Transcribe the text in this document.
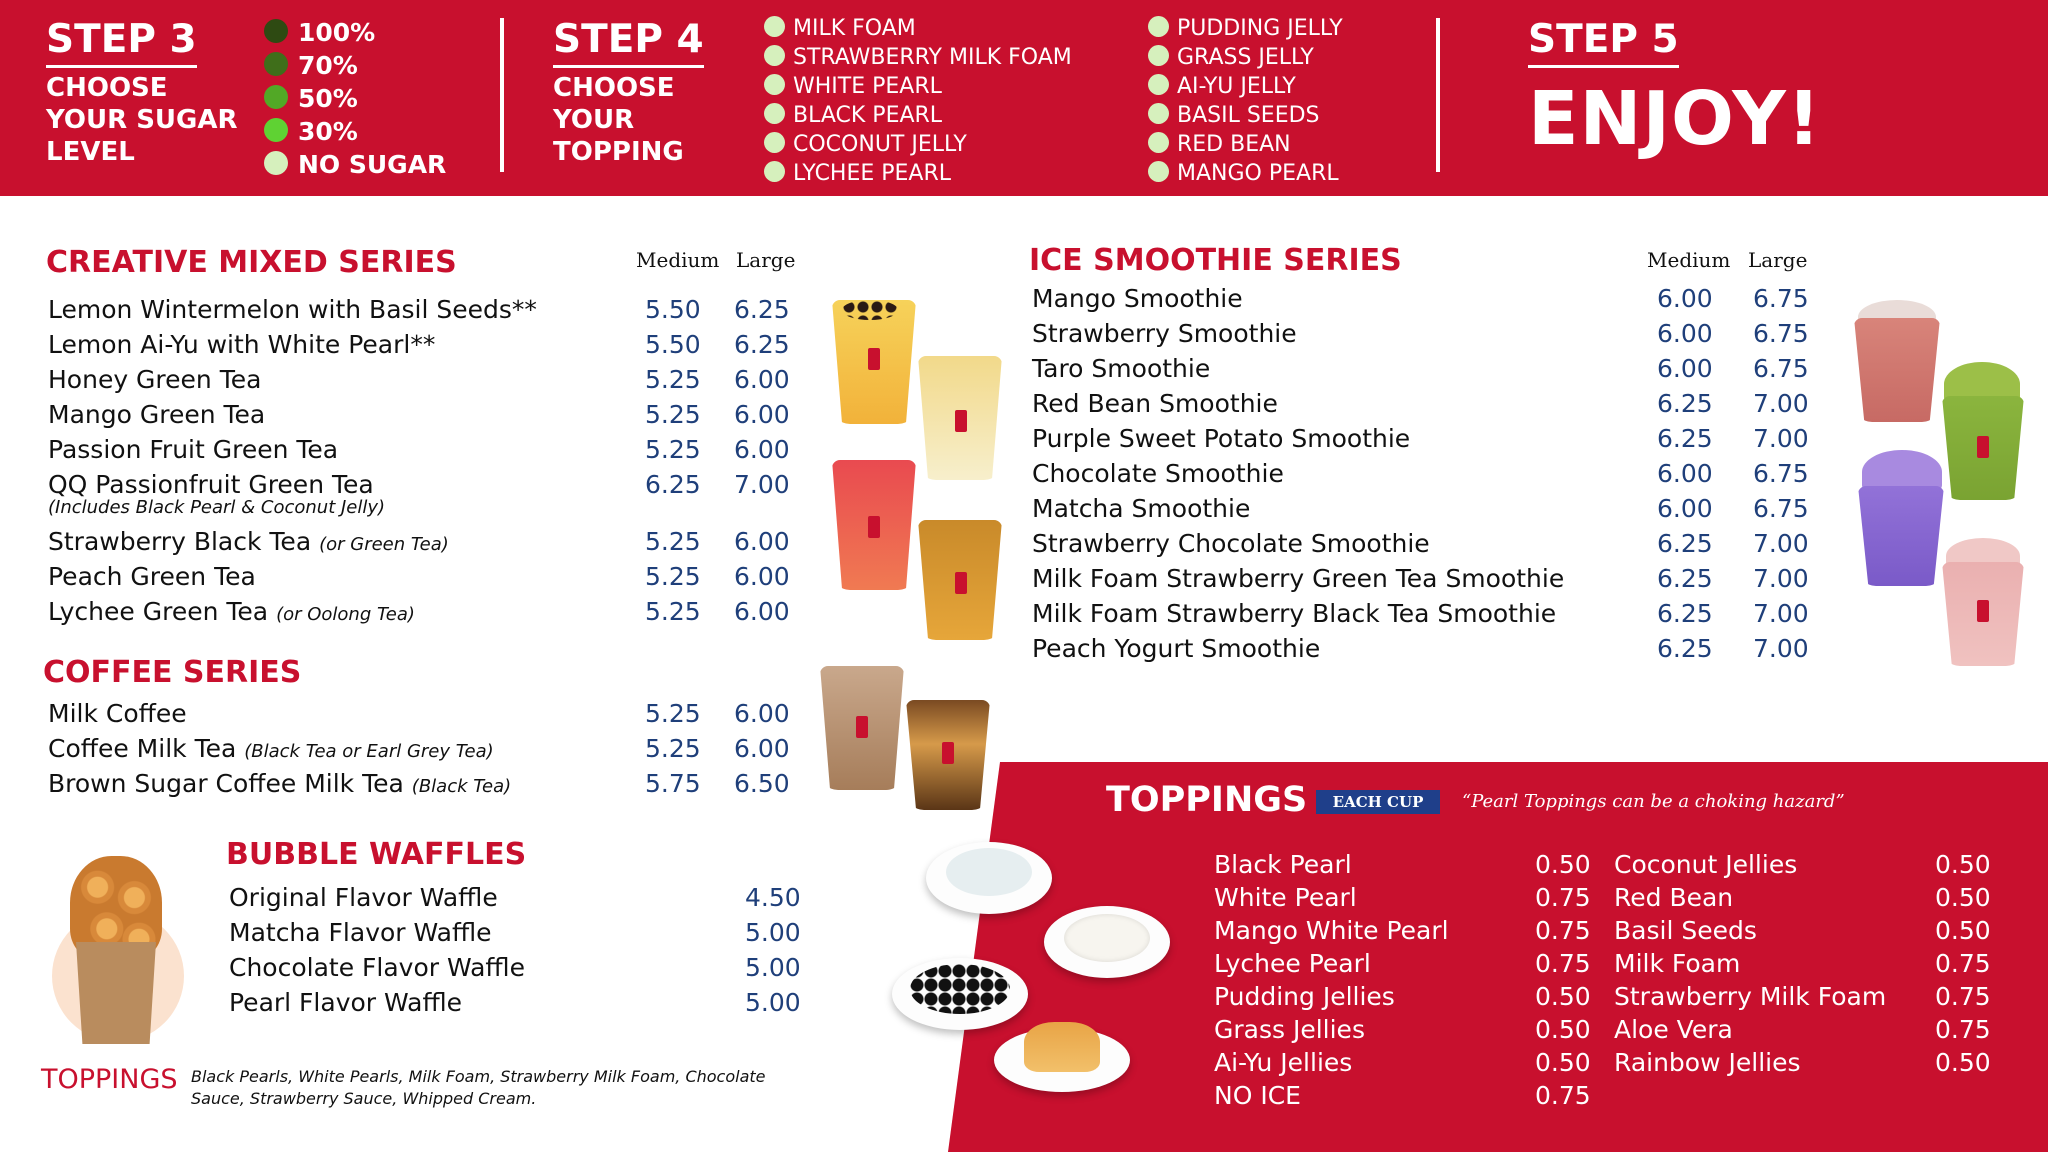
STEP 3
CHOOSE
YOUR SUGAR
LEVEL
100%
70%
50%
30%
NO SUGAR
STEP 4
CHOOSE
YOUR
TOPPING
MILK FOAM
STRAWBERRY MILK FOAM
WHITE PEARL
BLACK PEARL
COCONUT JELLY
LYCHEE PEARL
PUDDING JELLY
GRASS JELLY
AI-YU JELLY
BASIL SEEDS
RED BEAN
MANGO PEARL
STEP 5
ENJOY!
CREATIVE MIXED SERIES	Medium Large
Lemon Wintermelon with Basil Seeds**	5.50 6.25
Lemon Ai-Yu with White Pearl**	5.50 6.25
Honey Green Tea	5.25 6.00
Mango Green Tea	5.25 6.00
Passion Fruit Green Tea	5.25 6.00
QQ Passionfruit Green Tea	6.25 7.00
Strawberry Black Tea (or Green Tea)	5.25 6.00
Peach Green Tea	5.25 6.00
Lychee Green Tea (or Oolong Tea)	5.25 6.00
(Includes Black Pearl & Coconut Jelly)
COFFEE SERIES
Milk Coffee	5.25 6.00
Coffee Milk Tea (Black Tea or Earl Grey Tea)	5.25 6.00
Brown Sugar Coffee Milk Tea (Black Tea)	5.75 6.50
BUBBLE WAFFLES
Original Flavor Waffle	4.50
Matcha Flavor Waffle	5.00
Chocolate Flavor Waffle	5.00
Pearl Flavor Waffle	5.00
TOPPINGS Black Pearls, White Pearls, Milk Foam, Strawberry Milk Foam, Chocolate Sauce, Strawberry Sauce, Whipped Cream.
ICE SMOOTHIE SERIES	Medium Large
Mango Smoothie	6.00 6.75
Strawberry Smoothie	6.00 6.75
Taro Smoothie	6.00 6.75
Red Bean Smoothie	6.25 7.00
Purple Sweet Potato Smoothie	6.25 7.00
Chocolate Smoothie	6.00 6.75
Matcha Smoothie	6.00 6.75
Strawberry Chocolate Smoothie	6.25 7.00
Milk Foam Strawberry Green Tea Smoothie	6.25 7.00
Milk Foam Strawberry Black Tea Smoothie	6.25 7.00
Peach Yogurt Smoothie	6.25 7.00
TOPPINGS	EACH CUP	“Pearl Toppings can be a choking hazard”
Black Pearl	0.50
White Pearl	0.75
Mango White Pearl	0.75
Lychee Pearl	0.75
Pudding Jellies	0.50
Grass Jellies	0.50
Ai-Yu Jellies	0.50
NO ICE	0.75
Coconut Jellies	0.50
Red Bean	0.50
Basil Seeds	0.50
Milk Foam	0.75
Strawberry Milk Foam 0.75
Aloe Vera	0.75
Rainbow Jellies	0.50
